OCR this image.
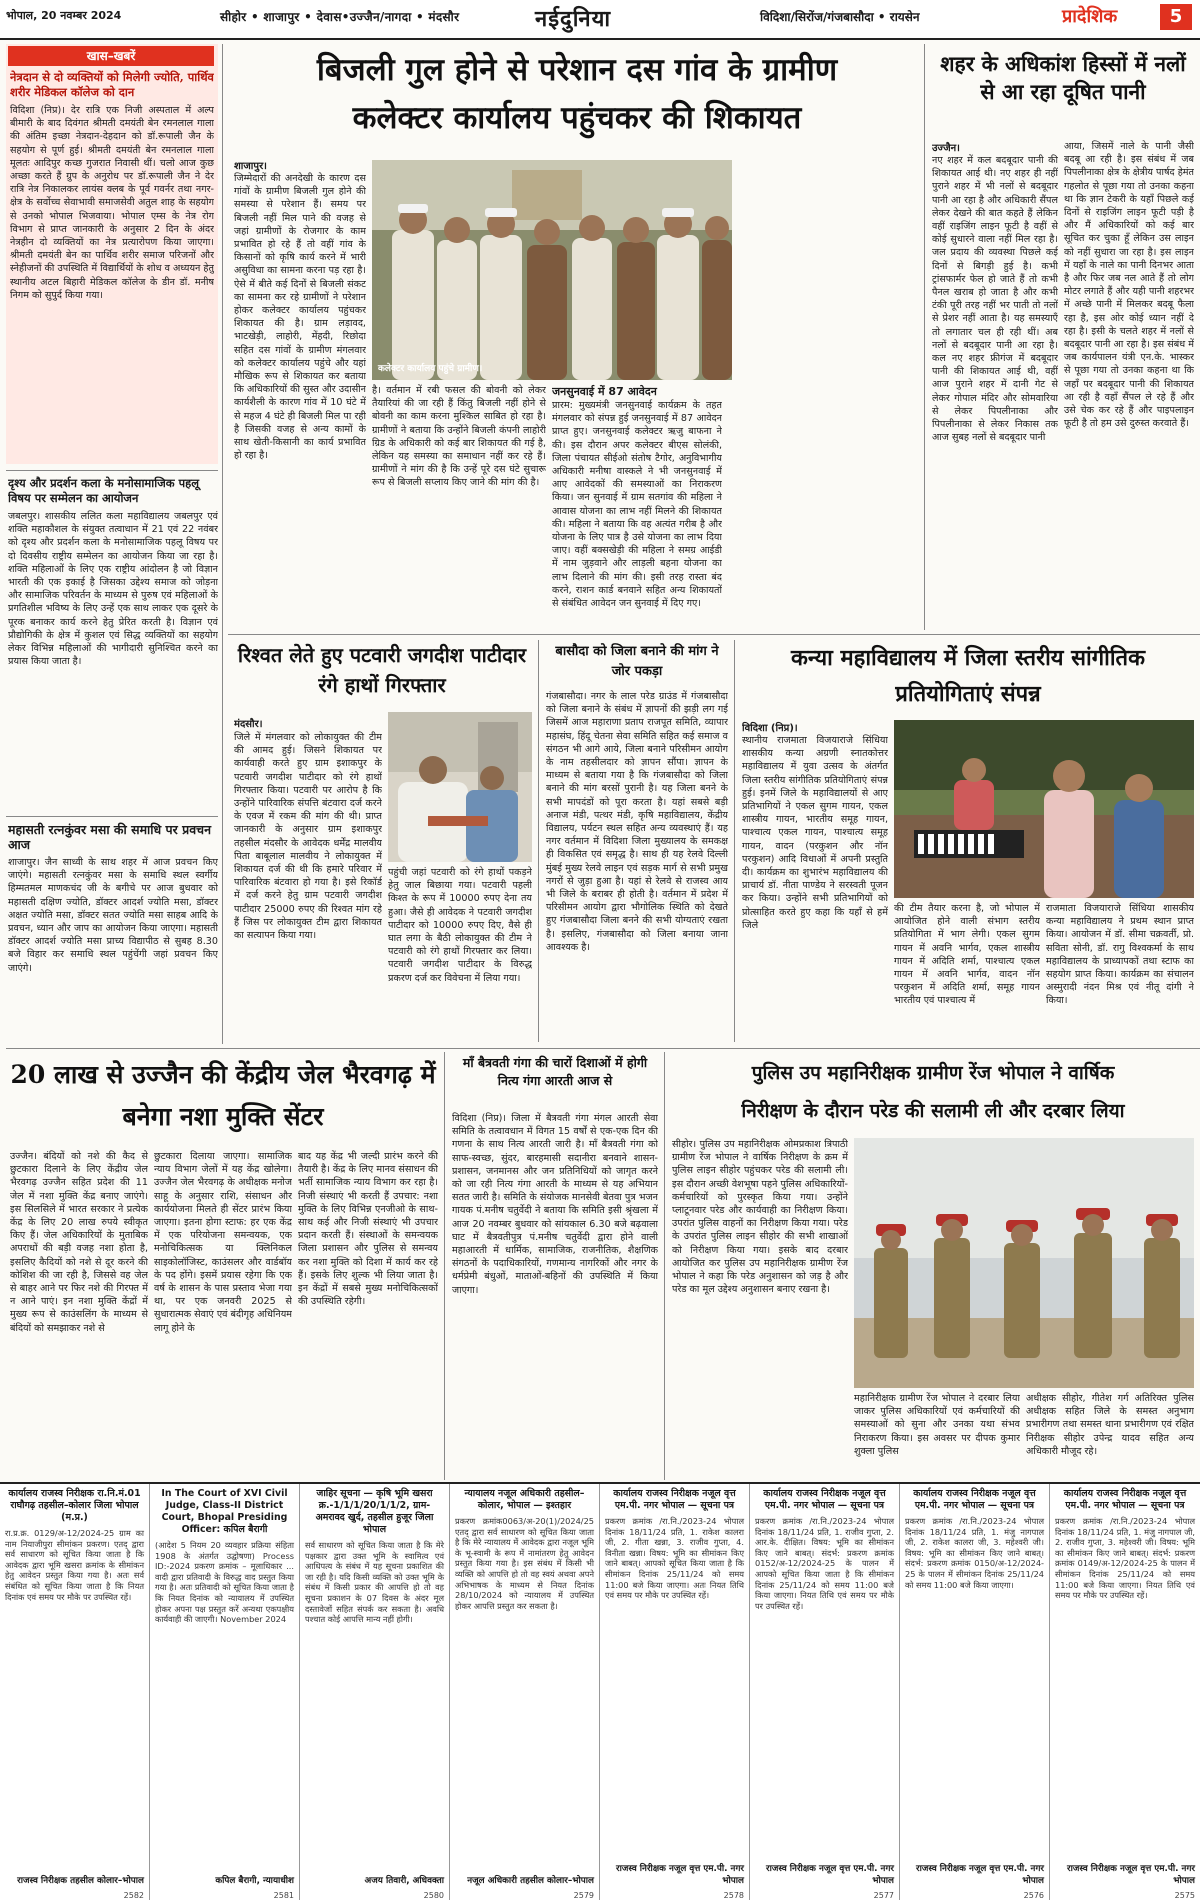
भोपाल, 20 नवम्बर 2024	सीहोर • शाजापुर • देवास•उज्जैन/नागदा • मंदसौर	नईदुनिया	विदिशा/सिरोंज/गंजबासौदा • रायसेन	प्रादेशिक	5
खास–खबरें
नेत्रदान से दो व्यक्तियों को मिलेगी ज्योति, पार्थिव शरीर मेडिकल कॉलेज को दान
विदिशा (निप्र)। देर रात्रि एक निजी अस्पताल में अल्प बीमारी के बाद दिवंगत श्रीमती दमयंती बेन रमनलाल गाला की अंतिम इच्छा नेत्रदान-देहदान को डॉ.रूपाली जैन के सहयोग से पूर्ण हुई। श्रीमती दमयंती बेन रमनलाल गाला मूलतः आदिपुर कच्छ गुजरात निवासी थीं। चलो आज कुछ अच्छा करते हैं ग्रुप के अनुरोध पर डॉ.रूपाली जैन ने देर रात्रि नेत्र निकालकर लायंस क्लब के पूर्व गवर्नर तथा नगर-क्षेत्र के सर्वोच्च सेवाभावी समाजसेवी अतुल शाह के सहयोग से उनको भोपाल भिजवाया। भोपाल एम्स के नेत्र रोग विभाग से प्राप्त जानकारी के अनुसार 2 दिन के अंदर नेत्रहीन दो व्यक्तियों का नेत्र प्रत्यारोपण किया जाएगा। श्रीमती दमयंती बेन का पार्थिव शरीर समाज परिजनों और स्नेहीजनों की उपस्थिति में विद्यार्थियों के शोध व अध्ययन हेतु स्थानीय अटल बिहारी मेडिकल कॉलेज के डीन डॉ. मनीष निगम को सुपुर्द किया गया।
दृश्य और प्रदर्शन कला के मनोसामाजिक पहलू विषय पर सम्मेलन का आयोजन
जबलपुर। शासकीय ललित कला महाविद्यालय जबलपुर एवं शक्ति महाकौशल के संयुक्त तत्वाधान में 21 एवं 22 नवंबर को दृश्य और प्रदर्शन कला के मनोसामाजिक पहलू विषय पर दो दिवसीय राष्ट्रीय सम्मेलन का आयोजन किया जा रहा है। शक्ति महिलाओं के लिए एक राष्ट्रीय आंदोलन है जो विज्ञान भारती की एक इकाई है जिसका उद्देश्य समाज को जोड़ना और सामाजिक परिवर्तन के माध्यम से पुरुष एवं महिलाओं के प्रगतिशील भविष्य के लिए उन्हें एक साथ लाकर एक दूसरे के पूरक बनाकर कार्य करने हेतु प्रेरित करती है। विज्ञान एवं प्रौद्योगिकी के क्षेत्र में कुशल एवं सिद्ध व्यक्तियों का सहयोग लेकर विभिन्न महिलाओं की भागीदारी सुनिश्चित करने का प्रयास किया जाता है।
महासती रत्नकुंवर मसा की समाधि पर प्रवचन आज
शाजापुर। जैन साध्वी के साथ शहर में आज प्रवचन किए जाएंगे। महासती रत्नकुंवर मसा के समाधि स्थल स्वर्गीय हिम्मतमल माणकचंद जी के बगीचे पर आज बुधवार को महासती दक्षिण ज्योति, डॉक्टर आदर्श ज्योति मसा, डॉक्टर अक्षत ज्योति मसा, डॉक्टर सतत ज्योति मसा साहब आदि के प्रवचन, ध्यान और जाप का आयोजन किया जाएगा। महासती डॉक्टर आदर्श ज्योति मसा प्राच्य विद्यापीठ से सुबह 8.30 बजे विहार कर समाधि स्थल पहुंचेंगी जहां प्रवचन किए जाएंगे।
बिजली गुल होने से परेशान दस गांव के ग्रामीण
कलेक्टर कार्यालय पहुंचकर की शिकायत
शाजापुर।
जिम्मेदारों की अनदेखी के कारण दस गांवों के ग्रामीण बिजली गुल होने की समस्या से परेशान हैं। समय पर बिजली नहीं मिल पाने की वजह से जहां ग्रामीणों के रोजगार के काम प्रभावित हो रहे हैं तो वहीं गांव के किसानों को कृषि कार्य करने में भारी असुविधा का सामना करना पड़ रहा है। ऐसे में बीते कई दिनों से बिजली संकट का सामना कर रहे ग्रामीणों ने परेशान होकर कलेक्टर कार्यालय पहुंचकर शिकायत की है। ग्राम लड़ावद, भाटखेड़ी, लाहोरी, मेंहदी, रिछोदा सहित दस गांवों के ग्रामीण मंगलवार को कलेक्टर कार्यालय पहुंचे और यहां मौखिक रूप से शिकायत कर बताया कि अधिकारियों की सुस्त और उदासीन कार्यशैली के कारण गांव में 10 घंटे में से महज 4 घंटे ही बिजली मिल पा रही है जिसकी वजह से अन्य कामों के साथ खेती-किसानी का कार्य प्रभावित हो रहा है।
कलेक्टर कार्यालय पहुंचे ग्रामीण।
है। वर्तमान में रबी फसल की बोवनी को लेकर तैयारियां की जा रही हैं किंतु बिजली नहीं होने से बोवनी का काम करना मुश्किल साबित हो रहा है। ग्रामीणों ने बताया कि उन्होंने बिजली कंपनी लाहोरी ग्रिड के अधिकारी को कई बार शिकायत की गई है, लेकिन यह समस्या का समाधान नहीं कर रहे हैं। ग्रामीणों ने मांग की है कि उन्हें पूरे दस घंटे सुचारू रूप से बिजली सप्लाय किए जाने की मांग की है।
जनसुनवाई में 87 आवेदन
प्रारम: मुख्यमंत्री जनसुनवाई कार्यक्रम के तहत मंगलवार को संपन्न हुई जनसुनवाई में 87 आवेदन प्राप्त हुए। जनसुनवाई कलेक्टर ऋजु बाफना ने की। इस दौरान अपर कलेक्टर बीएस सोलंकी, जिला पंचायत सीईओ संतोष टैगोर, अनुविभागीय अधिकारी मनीषा वास्कले ने भी जनसुनवाई में आए आवेदकों की समस्याओं का निराकरण किया। जन सुनवाई में ग्राम सतगांव की महिला ने आवास योजना का लाभ नहीं मिलने की शिकायत की। महिला ने बताया कि वह अत्यंत गरीब है और योजना के लिए पात्र है उसे योजना का लाभ दिया जाए। वहीं बक्सखेड़ी की महिला ने समग्र आईडी में नाम जुड़वाने और लाड़ली बहना योजना का लाभ दिलाने की मांग की। इसी तरह रास्ता बंद करने, राशन कार्ड बनवाने सहित अन्य शिकायतों से संबंधित आवेदन जन सुनवाई में दिए गए।
शहर के अधिकांश हिस्सों में नलों से आ रहा दूषित पानी
उज्जैन।
नए शहर में कल बदबूदार पानी की शिकायत आई थी। नए शहर ही नहीं पुराने शहर में भी नलों से बदबूदार पानी आ रहा है और अधिकारी सैंपल लेकर देखने की बात कहते हैं लेकिन वहीं राइजिंग लाइन फूटी है वहीं से कोई सुधारने वाला नहीं मिल रहा है। जल प्रदाय की व्यवस्था पिछले कई दिनों से बिगड़ी हुई है। कभी ट्रांसफार्मर फेल हो जाते हैं तो कभी पैनल खराब हो जाता है और कभी टंकी पूरी तरह नहीं भर पाती तो नलों से प्रेशर नहीं आता है। यह समस्याएँ तो लगातार चल ही रही थीं। अब नलों से बदबूदार पानी आ रहा है। कल नए शहर फ्रीगंज में बदबूदार पानी की शिकायत आई थी, वहीं आज पुराने शहर में दानी गेट से लेकर गोपाल मंदिर और सोमवारिया से लेकर पिपलीनाका और पिपलीनाका से लेकर निकास तक आज सुबह नलों से बदबूदार पानी
आया, जिसमें नाले के पानी जैसी बदबू आ रही है। इस संबंध में जब पिपलीनाका क्षेत्र के क्षेत्रीय पार्षद हेमंत गहलोत से पूछा गया तो उनका कहना था कि ज्ञान टेकरी के यहाँ पिछले कई दिनों से राइजिंग लाइन फूटी पड़ी है और मैं अधिकारियों को कई बार सूचित कर चुका हूँ लेकिन उस लाइन को नहीं सुधारा जा रहा है। इस लाइन में यहाँ के नाले का पानी दिनभर आता है और फिर जब नल आते हैं तो लोग मोटर लगाते हैं और यही पानी शहरभर में अच्छे पानी में मिलकर बदबू फैला रहा है, इस ओर कोई ध्यान नहीं दे रहा है। इसी के चलते शहर में नलों से बदबूदार पानी आ रहा है। इस संबंध में जब कार्यपालन यंत्री एन.के. भास्कर से पूछा गया तो उनका कहना था कि जहाँ पर बदबूदार पानी की शिकायत आ रही है वहाँ सैंपल ले रहे हैं और उसे चेक कर रहे हैं और पाइपलाइन फूटी है तो हम उसे दुरुस्त करवाते हैं।
रिश्वत लेते हुए पटवारी जगदीश पाटीदार रंगे हाथों गिरफ्तार
मंदसौर।
जिले में मंगलवार को लोकायुक्त की टीम की आमद हुई। जिसने शिकायत पर कार्यवाही करते हुए ग्राम इशाकपुर के पटवारी जगदीश पाटीदार को रंगे हाथों गिरफ्तार किया। पटवारी पर आरोप है कि उन्होंने पारिवारिक संपत्ति बंटवारा दर्ज करने के एवज में रकम की मांग की थी। प्राप्त जानकारी के अनुसार ग्राम इशाकपुर तहसील मंदसौर के आवेदक धर्मेंद्र मालवीय पिता बाबूलाल मालवीय ने लोकायुक्त में शिकायत दर्ज की थी कि हमारे परिवार में पारिवारिक बंटवारा हो गया है। इसे रिकॉर्ड में दर्ज करने हेतु ग्राम पटवारी जगदीश पाटीदार 25000 रुपए की रिश्वत मांग रहे हैं जिस पर लोकायुक्त टीम द्वारा शिकायत का सत्यापन किया गया।
पहुंची जहां पटवारी को रंगे हाथों पकड़ने हेतु जाल बिछाया गया। पटवारी पहली किश्त के रूप में 10000 रुपए देना तय हुआ। जैसे ही आवेदक ने पटवारी जगदीश पाटीदार को 10000 रुपए दिए, वैसे ही घात लगा के बैठी लोकायुक्त की टीम ने पटवारी को रंगे हाथों गिरफ्तार कर लिया। पटवारी जगदीश पाटीदार के विरुद्ध प्रकरण दर्ज कर विवेचना में लिया गया।
बासौदा को जिला बनाने की मांग ने जोर पकड़ा
गंजबासौदा। नगर के लाल परेड ग्राउंड में गंजबासौदा को जिला बनाने के संबंध में ज्ञापनों की झड़ी लग गई जिसमें आज महाराणा प्रताप राजपूत समिति, व्यापार महासंघ, हिंदू चेतना सेवा समिति सहित कई समाज व संगठन भी आगे आये, जिला बनाने परिसीमन आयोग के नाम तहसीलदार को ज्ञापन सौंपा। ज्ञापन के माध्यम से बताया गया है कि गंजबासौदा को जिला बनाने की मांग बरसों पुरानी है। यह जिला बनने के सभी मापदंडों को पूरा करता है। यहां सबसे बड़ी अनाज मंडी, पत्थर मंडी, कृषि महाविद्यालय, केंद्रीय विद्यालय, पर्यटन स्थल सहित अन्य व्यवस्थाएं हैं। यह नगर वर्तमान में विदिशा जिला मुख्यालय के समकक्ष ही विकसित एवं समृद्ध है। साथ ही यह रेलवे दिल्ली मुंबई मुख्य रेलवे लाइन एवं सड़क मार्ग से सभी प्रमुख नगरों से जुड़ा हुआ है। यहां से रेलवे से राजस्व आय भी जिले के बराबर ही होती है। वर्तमान में प्रदेश में परिसीमन आयोग द्वारा भौगोलिक स्थिति को देखते हुए गंजबासौदा जिला बनने की सभी योग्यताएं रखता है। इसलिए, गंजबासौदा को जिला बनाया जाना आवश्यक है।
कन्या महाविद्यालय में जिला स्तरीय सांगीतिक प्रतियोगिताएं संपन्न
विदिशा (निप्र)।
स्थानीय राजमाता विजयाराजे सिंधिया शासकीय कन्या अग्रणी स्नातकोत्तर महाविद्यालय में युवा उत्सव के अंतर्गत जिला स्तरीय सांगीतिक प्रतियोगिताएं संपन्न हुई। इनमें जिले के महाविद्यालयों से आए प्रतिभागियों ने एकल सुगम गायन, एकल शास्त्रीय गायन, भारतीय समूह गायन, पाश्चात्य एकल गायन, पाश्चात्य समूह गायन, वादन (परकुशन और नॉन परकुशन) आदि विधाओं में अपनी प्रस्तुति दी। कार्यक्रम का शुभारंभ महाविद्यालय की प्राचार्य डॉ. नीता पाण्डेय ने सरस्वती पूजन कर किया। उन्होंने सभी प्रतिभागियों को प्रोत्साहित करते हुए कहा कि यहाँ से हमें जिले
की टीम तैयार करना है, जो भोपाल में आयोजित होने वाली संभाग स्तरीय प्रतियोगिता में भाग लेगी। एकल सुगम गायन में अवनि भार्गव, एकल शास्त्रीय गायन में अदिति शर्मा, पाश्चात्य एकल गायन में अवनि भार्गव, वादन नॉन परकुशन में अदिति शर्मा, समूह गायन भारतीय एवं पाश्चात्य में
राजमाता विजयाराजे सिंधिया शासकीय कन्या महाविद्यालय ने प्रथम स्थान प्राप्त किया। आयोजन में डॉ. सीमा चक्रवर्ती, प्रो. सविता सोनी, डॉ. रागु विश्वकर्मा के साथ महाविद्यालय के प्राध्यापकों तथा स्टाफ का सहयोग प्राप्त किया। कार्यक्रम का संचालन अस्मुरादी नंदन मिश्र एवं नीतू दांगी ने किया।
20 लाख से उज्जैन की केंद्रीय जेल भैरवगढ़ में बनेगा नशा मुक्ति सेंटर
उज्जैन। बंदियों को नशे की कैद से छुटकारा दिलाने के लिए केंद्रीय जेल भैरवगढ़ उज्जैन सहित प्रदेश की 11 जेल में नशा मुक्ति केंद्र बनाए जाएंगे। इस सिलसिले में भारत सरकार ने प्रत्येक केंद्र के लिए 20 लाख रुपये स्वीकृत किए हैं। जेल अधिकारियों के मुताबिक अपराधों की बड़ी वजह नशा होता है, इसलिए कैदियों को नशे से दूर करने की कोशिश की जा रही है, जिससे वह जेल से बाहर आने पर फिर नशे की गिरफ्त में न आने पाएं। इन नशा मुक्ति केंद्रों में मुख्य रूप से काउंसलिंग के माध्यम से बंदियों को समझाकर नशे से
छुटकारा दिलाया जाएगा। सामाजिक न्याय विभाग जेलों में यह केंद्र खोलेगा। उज्जैन जेल भैरवगढ़ के अधीक्षक मनोज साहू के अनुसार राशि, संसाधन और कार्ययोजना मिलते ही सेंटर प्रारंभ किया जाएगा। इतना होगा स्टाफ: हर एक केंद्र में एक परियोजना समन्वयक, एक मनोचिकित्सक या क्लिनिकल साइकोलॉजिस्ट, काउंसलर और वार्डबॉय के पद होंगे। इसमें प्रयास रहेगा कि एक वर्ष के शासन के पास प्रस्ताव भेजा गया था, पर एक जनवरी 2025 से सुधारात्मक सेवाएं एवं बंदीगृह अधिनियम लागू होने के
बाद यह केंद्र भी जल्दी प्रारंभ करने की तैयारी है। केंद्र के लिए मानव संसाधन की भर्ती सामाजिक न्याय विभाग कर रहा है। निजी संस्थाएं भी करती हैं उपचार: नशा मुक्ति के लिए विभिन्न एनजीओ के साथ-साथ कई और निजी संस्थाएं भी उपचार प्रदान करती हैं। संस्थाओं के समन्वयक जिला प्रशासन और पुलिस से समन्वय कर नशा मुक्ति को दिशा में कार्य कर रहे हैं। इसके लिए शुल्क भी लिया जाता है। इन केंद्रों में सबसे मुख्य मनोचिकित्सकों की उपस्थिति रहेगी।
माँ बैत्रवती गंगा की चारों दिशाओं में होगी नित्य गंगा आरती आज से
विदिशा (निप्र)। जिला में बैत्रवती गंगा मंगल आरती सेवा समिति के तत्वावधान में विगत 15 वर्षों से एक-एक दिन की गणना के साथ नित्य आरती जारी है। माँ बैत्रवती गंगा को साफ-स्वच्छ, सुंदर, बारहमासी सदानीरा बनवाने शासन-प्रशासन, जनमानस और जन प्रतिनिधियों को जागृत करने को जा रही नित्य गंगा आरती के माध्यम से यह अभियान सतत जारी है। समिति के संयोजक मानसेवी बेतवा पुत्र भजन गायक पं.मनीष चतुर्वेदी ने बताया कि समिति इसी श्रृंखला में आज 20 नवम्बर बुधवार को सांयकाल 6.30 बजे बढ़वाला घाट में बैत्रवतीपुत्र पं.मनीष चतुर्वेदी द्वारा होने वाली महाआरती में धार्मिक, सामाजिक, राजनीतिक, शैक्षणिक संगठनों के पदाधिकारियों, गणमान्य नागरिकों और नगर के धर्मप्रेमी बंधुओं, माताओं-बहिनों की उपस्थिति में किया जाएगा।
पुलिस उप महानिरीक्षक ग्रामीण रेंज भोपाल ने वार्षिक
निरीक्षण के दौरान परेड की सलामी ली और दरबार लिया
सीहोर। पुलिस उप महानिरीक्षक ओमप्रकाश त्रिपाठी ग्रामीण रेंज भोपाल ने वार्षिक निरीक्षण के क्रम में पुलिस लाइन सीहोर पहुंचकर परेड की सलामी ली। इस दौरान अच्छी वेशभूषा पहने पुलिस अधिकारियों-कर्मचारियों को पुरस्कृत किया गया। उन्होंने प्लाटूनवार परेड और कार्यवाही का निरीक्षण किया। उपरांत पुलिस वाहनों का निरीक्षण किया गया। परेड के उपरांत पुलिस लाइन सीहोर की सभी शाखाओं को निरीक्षण किया गया। इसके बाद दरबार आयोजित कर पुलिस उप महानिरीक्षक ग्रामीण रेंज भोपाल ने कहा कि परेड अनुशासन को जड़ है और परेड का मूल उद्देश्य अनुशासन बनाए रखना है।
महानिरीक्षक ग्रामीण रेंज भोपाल ने दरबार लिया जाकर पुलिस अधिकारियों एवं कर्मचारियों की समस्याओं को सुना और उनका यथा संभव निराकरण किया। इस अवसर पर दीपक कुमार शुक्ला पुलिस
अधीक्षक सीहोर, गीतेश गर्ग अतिरिक्त पुलिस अधीक्षक सहित जिले के समस्त अनुभाग प्रभारीगण तथा समस्त थाना प्रभारीगण एवं रक्षित निरीक्षक सीहोर उपेन्द्र यादव सहित अन्य अधिकारी मौजूद रहे।
कार्यालय राजस्व निरीक्षक रा.नि.मं.01 राघौगढ़ तहसील–कोलार जिला भोपाल (म.प्र.)
रा.प्र.क्र. 0129/अ-12/2024-25 ग्राम का नाम नियाजीपुरा सीमांकन प्रकरण। एतद् द्वारा सर्व साधारण को सूचित किया जाता है कि आवेदक द्वारा भूमि खसरा क्रमांक के सीमांकन हेतु आवेदन प्रस्तुत किया गया है। अतः सर्व संबंधित को सूचित किया जाता है कि नियत दिनांक एवं समय पर मौके पर उपस्थित रहें।
राजस्व निरीक्षक तहसील कोलार–भोपाल
2582
In The Court of XVI Civil Judge, Class-II District Court, Bhopal Presiding Officer: कपिल बैरागी
(आदेश 5 नियम 20 व्यवहार प्रक्रिया संहिता 1908 के अंतर्गत उद्घोषणा) Process ID:-2024 प्रकरण क्रमांक – मूलाधिकार ... वादी द्वारा प्रतिवादी के विरुद्ध वाद प्रस्तुत किया गया है। अतः प्रतिवादी को सूचित किया जाता है कि नियत दिनांक को न्यायालय में उपस्थित होकर अपना पक्ष प्रस्तुत करें अन्यथा एकपक्षीय कार्यवाही की जाएगी। November 2024
कपिल बैरागी, न्यायाधीश
2581
जाहिर सूचना — कृषि भूमि खसरा क्र.-1/1/1/20/1/1/2, ग्राम-अमरावद खुर्द, तहसील हुजूर जिला भोपाल
सर्व साधारण को सूचित किया जाता है कि मेरे पक्षकार द्वारा उक्त भूमि के स्वामित्व एवं आधिपत्य के संबंध में यह सूचना प्रकाशित की जा रही है। यदि किसी व्यक्ति को उक्त भूमि के संबंध में किसी प्रकार की आपत्ति हो तो वह सूचना प्रकाशन के 07 दिवस के अंदर मूल दस्तावेजों सहित संपर्क कर सकता है। अवधि पश्चात कोई आपत्ति मान्य नहीं होगी।
अजय तिवारी, अधिवक्ता
2580
न्यायालय नजूल अधिकारी तहसील–कोलार, भोपाल — इश्तहार
प्रकरण क्रमांक0063/अ-20(1)/2024/25 एतद् द्वारा सर्व साधारण को सूचित किया जाता है कि मेरे न्यायालय में आवेदक द्वारा नजूल भूमि के भू-स्वामी के रूप में नामांतरण हेतु आवेदन प्रस्तुत किया गया है। इस संबंध में किसी भी व्यक्ति को आपत्ति हो तो वह स्वयं अथवा अपने अभिभाषक के माध्यम से नियत दिनांक 28/10/2024 को न्यायालय में उपस्थित होकर आपत्ति प्रस्तुत कर सकता है।
नजूल अधिकारी तहसील कोलार–भोपाल
2579
कार्यालय राजस्व निरीक्षक नजूल वृत्त एम.पी. नगर भोपाल — सूचना पत्र
प्रकरण क्रमांक /रा.नि./2023-24 भोपाल दिनांक 18/11/24 प्रति, 1. राकेश कालरा जी, 2. गीता खन्ना, 3. राजीव गुप्ता, 4. विनीता खन्ना। विषय: भूमि का सीमांकन किए जाने बाबत्। आपको सूचित किया जाता है कि सीमांकन दिनांक 25/11/24 को समय 11:00 बजे किया जाएगा। अतः नियत तिथि एवं समय पर मौके पर उपस्थित रहें।
राजस्व निरीक्षक नजूल वृत्त एम.पी. नगर भोपाल
2578
कार्यालय राजस्व निरीक्षक नजूल वृत्त एम.पी. नगर भोपाल — सूचना पत्र
प्रकरण क्रमांक /रा.नि./2023-24 भोपाल दिनांक 18/11/24 प्रति, 1. राजीव गुप्ता, 2. आर.के. दीक्षित। विषय: भूमि का सीमांकन किए जाने बाबत्। संदर्भ: प्रकरण क्रमांक 0152/अ-12/2024-25 के पालन में आपको सूचित किया जाता है कि सीमांकन दिनांक 25/11/24 को समय 11:00 बजे किया जाएगा। नियत तिथि एवं समय पर मौके पर उपस्थित रहें।
राजस्व निरीक्षक नजूल वृत्त एम.पी. नगर भोपाल
2577
कार्यालय राजस्व निरीक्षक नजूल वृत्त एम.पी. नगर भोपाल — सूचना पत्र
प्रकरण क्रमांक /रा.नि./2023-24 भोपाल दिनांक 18/11/24 प्रति, 1. मंजु नागपाल जी, 2. राकेश कालरा जी, 3. महेश्वरी जी। विषय: भूमि का सीमांकन किए जाने बाबत्। संदर्भ: प्रकरण क्रमांक 0150/अ-12/2024-25 के पालन में सीमांकन दिनांक 25/11/24 को समय 11:00 बजे किया जाएगा।
राजस्व निरीक्षक नजूल वृत्त एम.पी. नगर भोपाल
2576
कार्यालय राजस्व निरीक्षक नजूल वृत्त एम.पी. नगर भोपाल — सूचना पत्र
प्रकरण क्रमांक /रा.नि./2023-24 भोपाल दिनांक 18/11/24 प्रति, 1. मंजु नागपाल जी, 2. राजीव गुप्ता, 3. महेश्वरी जी। विषय: भूमि का सीमांकन किए जाने बाबत्। संदर्भ: प्रकरण क्रमांक 0149/अ-12/2024-25 के पालन में सीमांकन दिनांक 25/11/24 को समय 11:00 बजे किया जाएगा। नियत तिथि एवं समय पर मौके पर उपस्थित रहें।
राजस्व निरीक्षक नजूल वृत्त एम.पी. नगर भोपाल
2575
